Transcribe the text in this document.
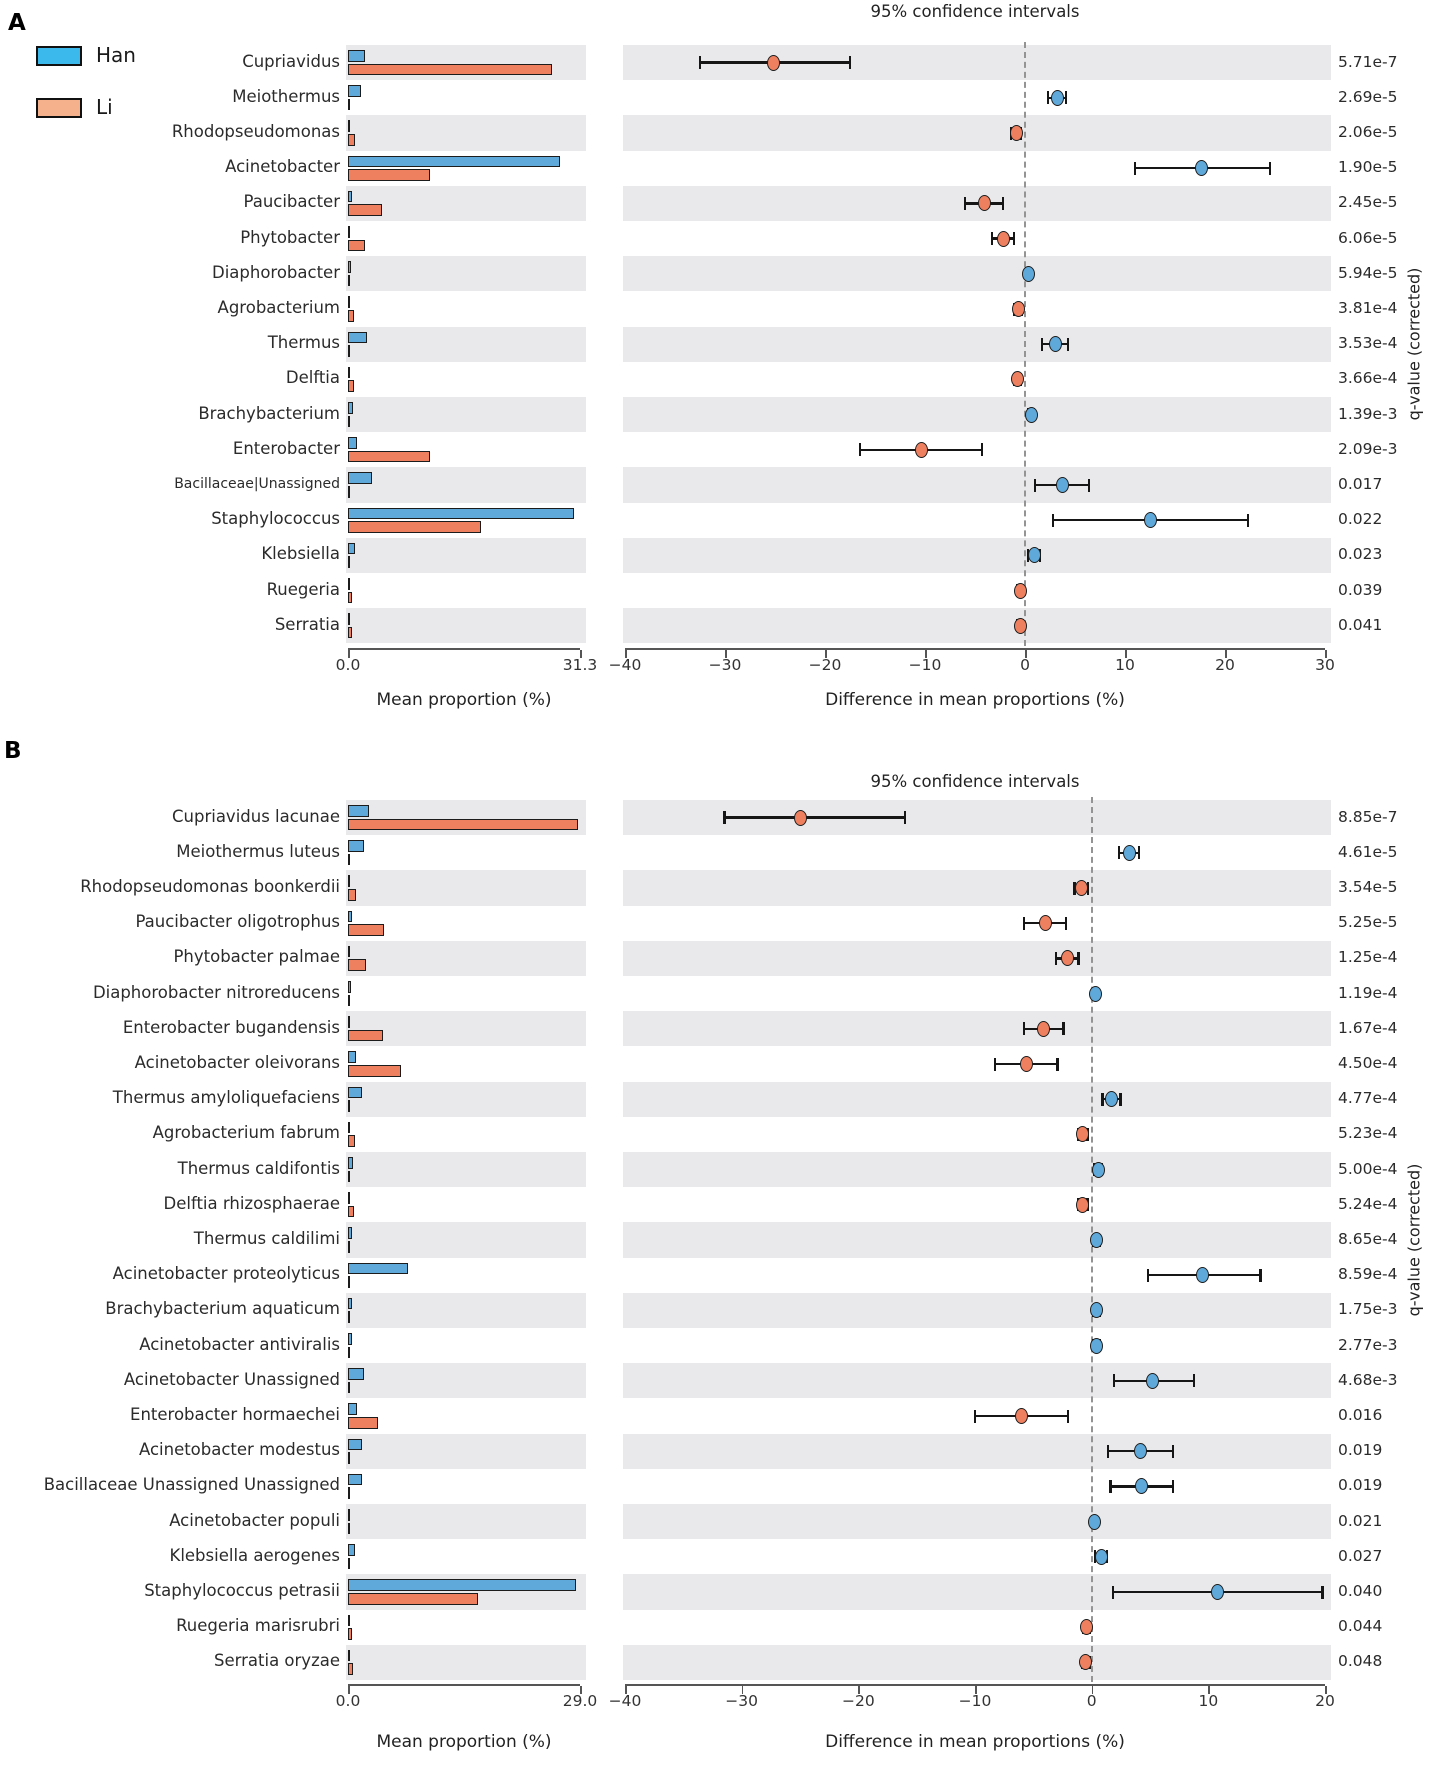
Han
Li
A	95% confidence intervals
Cupriavidus	5.71e-7
Meiothermus	2.69e-5
Rhodopseudomonas	2.06e-5
Acinetobacter	1.90e-5
Paucibacter	2.45e-5
Phytobacter	6.06e-5
Diaphorobacter	5.94e-5
Agrobacterium	3.81e-4
Thermus	3.53e-4
Delftia	3.66e-4
Brachybacterium	1.39e-3
Enterobacter	2.09e-3
Bacillaceae|Unassigned	0.017
Staphylococcus	0.022
Klebsiella	0.023
Ruegeria	0.039
Serratia	0.041
0.0	31.3 −40	−30	−20	−10	0	10	20	30
Mean proportion (%)	Difference in mean proportions (%)
q-value (corrected)
B
95% confidence intervals
Cupriavidus lacunae	8.85e-7
Meiothermus luteus	4.61e-5
Rhodopseudomonas boonkerdii	3.54e-5
Paucibacter oligotrophus	5.25e-5
Phytobacter palmae	1.25e-4
Diaphorobacter nitroreducens	1.19e-4
Enterobacter bugandensis	1.67e-4
Acinetobacter oleivorans	4.50e-4
Thermus amyloliquefaciens	4.77e-4
Agrobacterium fabrum	5.23e-4
Thermus caldifontis	5.00e-4
Delftia rhizosphaerae	5.24e-4
Thermus caldilimi	8.65e-4
Acinetobacter proteolyticus	8.59e-4
Brachybacterium aquaticum	1.75e-3
Acinetobacter antiviralis	2.77e-3
Acinetobacter Unassigned	4.68e-3
Enterobacter hormaechei	0.016
Acinetobacter modestus	0.019
Bacillaceae Unassigned Unassigned	0.019
Acinetobacter populi	0.021
Klebsiella aerogenes	0.027
Staphylococcus petrasii	0.040
Ruegeria marisrubri	0.044
Serratia oryzae	0.048
0.0	29.0 −40	−30	−20	−10	0	10	20
Mean proportion (%)	Difference in mean proportions (%)
q-value (corrected)
